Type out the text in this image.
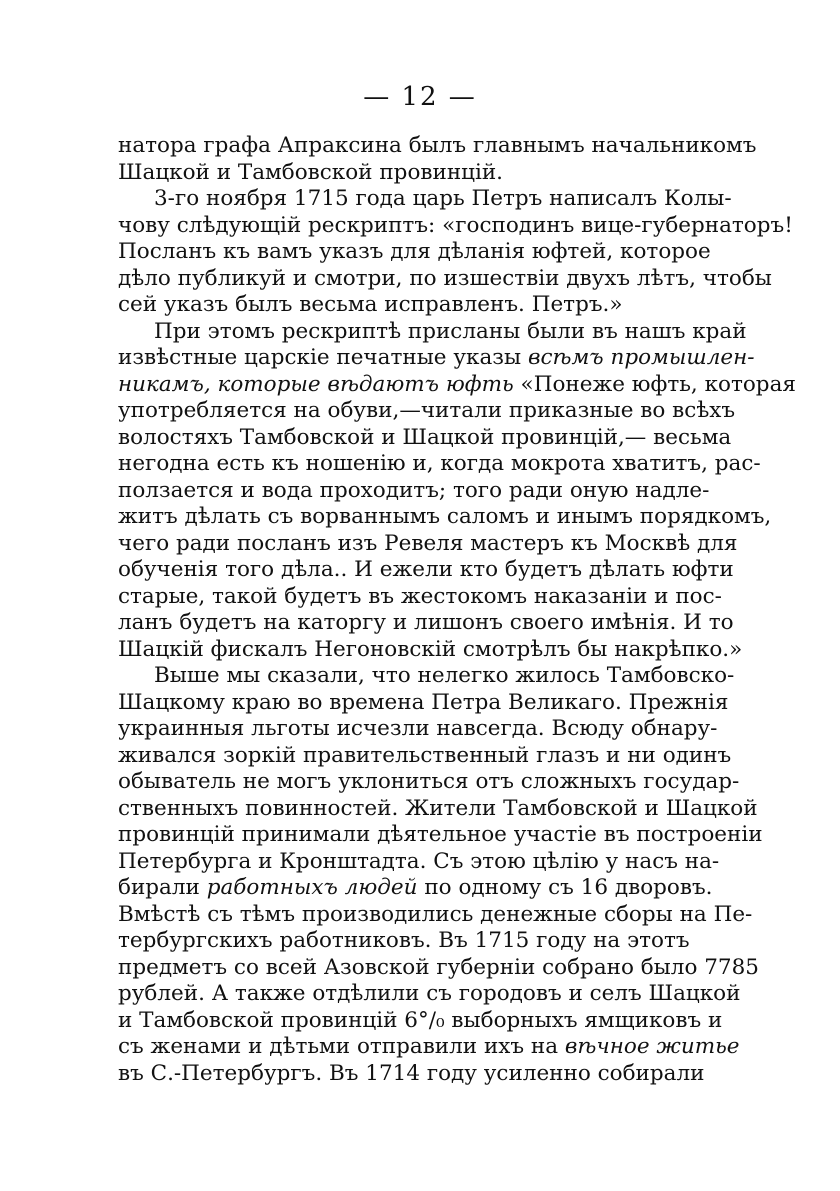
— 12 —
натора графа Апраксина былъ главнымъ начальникомъ
Шацкой и Тамбовской провинцій.
3-го ноября 1715 года царь Петръ написалъ Колы-
чову слѣдующій рескриптъ: «господинъ вице-губернаторъ!
Посланъ къ вамъ указъ для дѣланія юфтей, которое
дѣло публикуй и смотри, по изшествіи двухъ лѣтъ, чтобы
сей указъ былъ весьма исправленъ. Петръ.»
При этомъ рескриптѣ присланы были въ нашъ край
извѣстные царскіе печатные указы всѣмъ промышлен-
никамъ, которые вѣдаютъ юфть «Понеже юфть, которая
употребляется на обуви,—читали приказные во всѣхъ
волостяхъ Тамбовской и Шацкой провинцій,— весьма
негодна есть къ ношенію и, когда мокрота хватитъ, рас-
ползается и вода проходитъ; того ради оную надле-
житъ дѣлать съ ворваннымъ саломъ и инымъ порядкомъ,
чего ради посланъ изъ Ревеля мастеръ къ Москвѣ для
обученія того дѣла.. И ежели кто будетъ дѣлать юфти
старые, такой будетъ въ жестокомъ наказаніи и пос-
ланъ будетъ на каторгу и лишонъ своего имѣнія. И то
Шацкій фискалъ Негоновскій смотрѣлъ бы накрѣпко.»
Выше мы сказали, что нелегко жилось Тамбовско-
Шацкому краю во времена Петра Великаго. Прежнія
украинныя льготы исчезли навсегда. Всюду обнару-
живался зоркій правительственный глазъ и ни одинъ
обыватель не могъ уклониться отъ сложныхъ государ-
ственныхъ повинностей. Жители Тамбовской и Шацкой
провинцій принимали дѣятельное участіе въ построеніи
Петербурга и Кронштадта. Съ этою цѣлію у насъ на-
бирали работныхъ людей по одному съ 16 дворовъ.
Вмѣстѣ съ тѣмъ производились денежные сборы на Пе-
тербургскихъ работниковъ. Въ 1715 году на этотъ
предметъ со всей Азовской губерніи собрано было 7785
рублей. А также отдѣлили съ городовъ и селъ Шацкой
и Тамбовской провинцій 6°/₀ выборныхъ ямщиковъ и
съ женами и дѣтьми отправили ихъ на вѣчное житье
въ С.-Петербургъ. Въ 1714 году усиленно собирали
